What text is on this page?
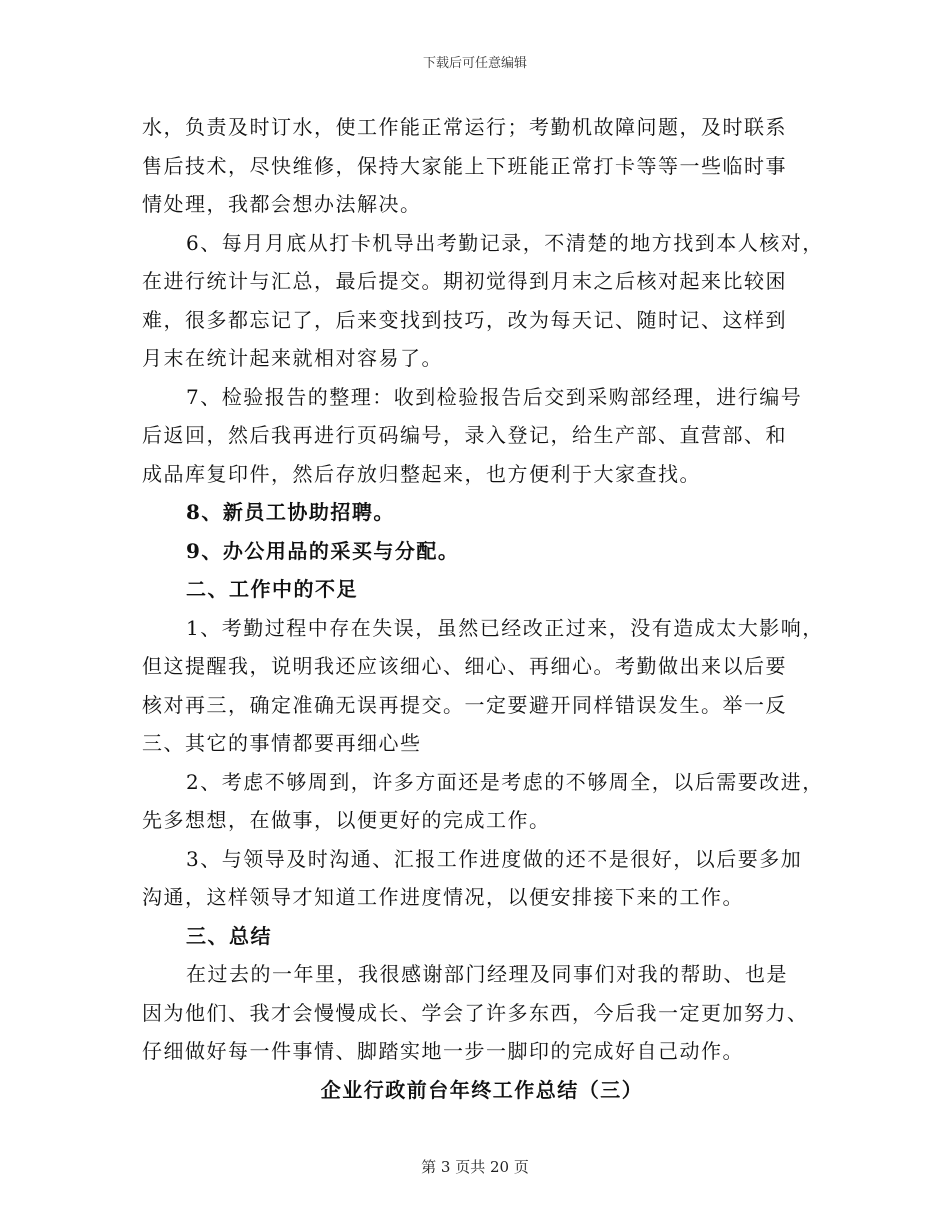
下载后可任意编辑
水，负责及时订水，使工作能正常运行；考勤机故障问题，及时联系
售后技术，尽快维修，保持大家能上下班能正常打卡等等一些临时事
情处理，我都会想办法解决。
6、每月月底从打卡机导出考勤记录，不清楚的地方找到本人核对，
在进行统计与汇总，最后提交。期初觉得到月末之后核对起来比较困
难，很多都忘记了，后来变找到技巧，改为每天记、随时记、这样到
月末在统计起来就相对容易了。
7、检验报告的整理：收到检验报告后交到采购部经理，进行编号
后返回，然后我再进行页码编号，录入登记，给生产部、直营部、和
成品库复印件，然后存放归整起来，也方便利于大家查找。
8、新员工协助招聘。
9、办公用品的采买与分配。
二、工作中的不足
1、考勤过程中存在失误，虽然已经改正过来，没有造成太大影响，
但这提醒我，说明我还应该细心、细心、再细心。考勤做出来以后要
核对再三，确定准确无误再提交。一定要避开同样错误发生。举一反
三、其它的事情都要再细心些
2、考虑不够周到，许多方面还是考虑的不够周全，以后需要改进，
先多想想，在做事，以便更好的完成工作。
3、与领导及时沟通、汇报工作进度做的还不是很好，以后要多加
沟通，这样领导才知道工作进度情况，以便安排接下来的工作。
三、总结
在过去的一年里，我很感谢部门经理及同事们对我的帮助、也是
因为他们、我才会慢慢成长、学会了许多东西，今后我一定更加努力、
仔细做好每一件事情、脚踏实地一步一脚印的完成好自己动作。
企业行政前台年终工作总结（三）
第 3 页共 20 页
